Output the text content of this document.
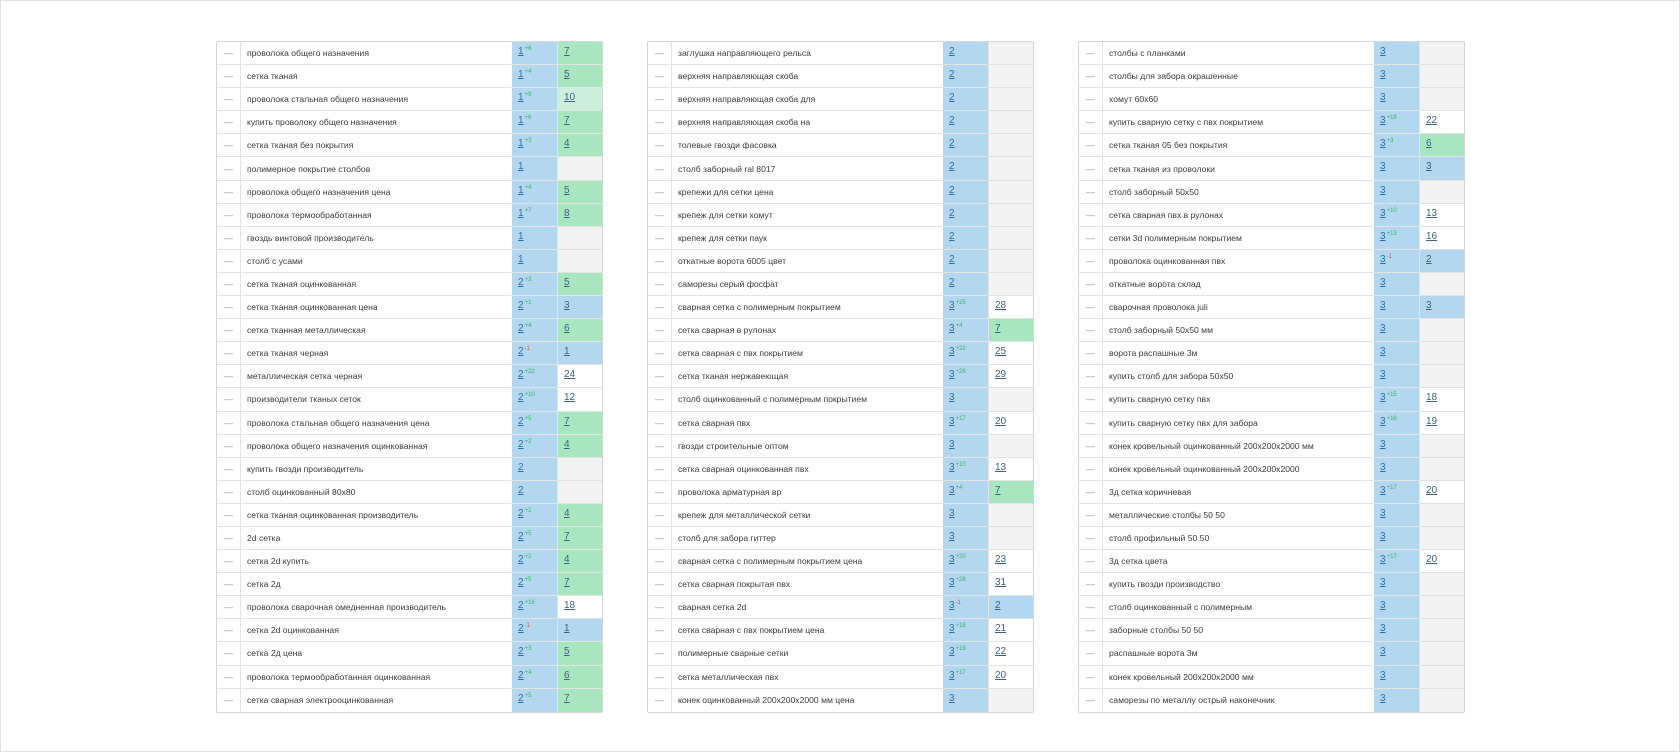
—	проволока общего назначения	$1^{+6}$	7
—	сетка тканая	$1^{+4}$	5
—	проволока стальная общего назначения	$1^{+9}$	10
—	купить проволоку общего назначения	$1^{+6}$	7
—	сетка тканая без покрытия	$1^{+3}$	4
—	полимерное покрытие столбов	1
—	проволока общего назначения цена	$1^{+4}$	5
—	проволока термообработанная	$1^{+7}$	8
—	гвоздь винтовой производитель	1
—	столб с усами	1
—	сетка тканая оцинкованная	$2^{+3}$	5
—	сетка тканая оцинкованная цена	$2^{+1}$	3
—	сетка тканная металлическая	$2^{+4}$	6
—	сетка тканая черная	$2^{-1}$	1
—	металлическая сетка черная	$2^{+22}$	24
—	производители тканых сеток	$2^{+10}$	12
—	проволока стальная общего назначения цена	$2^{+5}$	7
—	проволока общего назначения оцинкованная	$2^{+2}$	4
—	купить гвозди производитель	2
—	столб оцинкованный 80х80	2
—	сетка тканая оцинкованная производитель	$2^{+2}$	4
—	2d сетка	$2^{+5}$	7
—	сетка 2d купить	$2^{+2}$	4
—	сетка 2д	$2^{+5}$	7
—	проволока сварочная омедненная производитель	$2^{+16}$	18
—	сетка 2d оцинкованная	$2^{-1}$	1
—	сетка 2д цена	$2^{+3}$	5
—	проволока термообработанная оцинкованная	$2^{+4}$	6
—	сетка сварная электрооцинкованная	$2^{+5}$	7
—	заглушка направляющего рельса	2
—	верхняя направляющая скоба	2
—	верхняя направляющая скоба для	2
—	верхняя направляющая скоба на	2
—	толевые гвозди фасовка	2
—	столб заборный ral 8017	2
—	крепежи для сетки цена	2
—	крепеж для сетки хомут	2
—	крепеж для сетки паук	2
—	откатные ворота 6005 цвет	2
—	саморезы серый фосфат	2
—	сварная сетка с полимерным покрытием	$3^{+25}$	28
—	сетка сварная в рулонах	$3^{+4}$	7
—	сетка сварная с пвх покрытием	$3^{+22}$	25
—	сетка тканая нержавеющая	$3^{+26}$	29
—	столб оцинкованный с полимерным покрытием	3
—	сетка сварная пвх	$3^{+17}$	20
—	гвозди строительные оптом	3
—	сетка сварная оцинкованная пвх	$3^{+10}$	13
—	проволока арматурная вр	$3^{+4}$	7
—	крепеж для металлической сетки	3
—	столб для забора гиттер	3
—	сварная сетка с полимерным покрытием цена	$3^{+20}$	23
—	сетка сварная покрытая пвх	$3^{+28}$	31
—	сварная сетка 2d	$3^{-1}$	2
—	сетка сварная с пвх покрытием цена	$3^{+18}$	21
—	полимерные сварные сетки	$3^{+19}$	22
—	сетка металлическая пвх	$3^{+17}$	20
—	конек оцинкованный 200х200х2000 мм цена	3
—	столбы с планками	3
—	столбы для забора окрашенные	3
—	хомут 60х60	3
—	купить сварную сетку с пвх покрытием	$3^{+19}$	22
—	сетка тканая 05 без покрытия	$3^{+3}$	6
—	сетка тканая из проволоки	3	3
—	столб заборный 50х50	3
—	сетка сварная пвх в рулонах	$3^{+10}$	13
—	сетки 3d полимерным покрытием	$3^{+13}$	16
—	проволока оцинкованная пвх	$3^{-1}$	2
—	откатные ворота склад	3
—	сварочная проволока juli	3	3
—	столб заборный 50х50 мм	3
—	ворота распашные 3м	3
—	купить столб для забора 50х50	3
—	купить сварную сетку пвх	$3^{+15}$	18
—	купить сварную сетку пвх для забора	$3^{+16}$	19
—	конек кровельный оцинкованный 200х200х2000 мм	3
—	конек кровельный оцинкованный 200х200х2000	3
—	3д сетка коричневая	$3^{+17}$	20
—	металлические столбы 50 50	3
—	столб профильный 50 50	3
—	3д сетка цвета	$3^{+17}$	20
—	купить гвозди производство	3
—	столб оцинкованный с полимерным	3
—	заборные столбы 50 50	3
—	распашные ворота 3м	3
—	конек кровельный 200х200х2000 мм	3
—	саморезы по металлу острый наконечник	3
